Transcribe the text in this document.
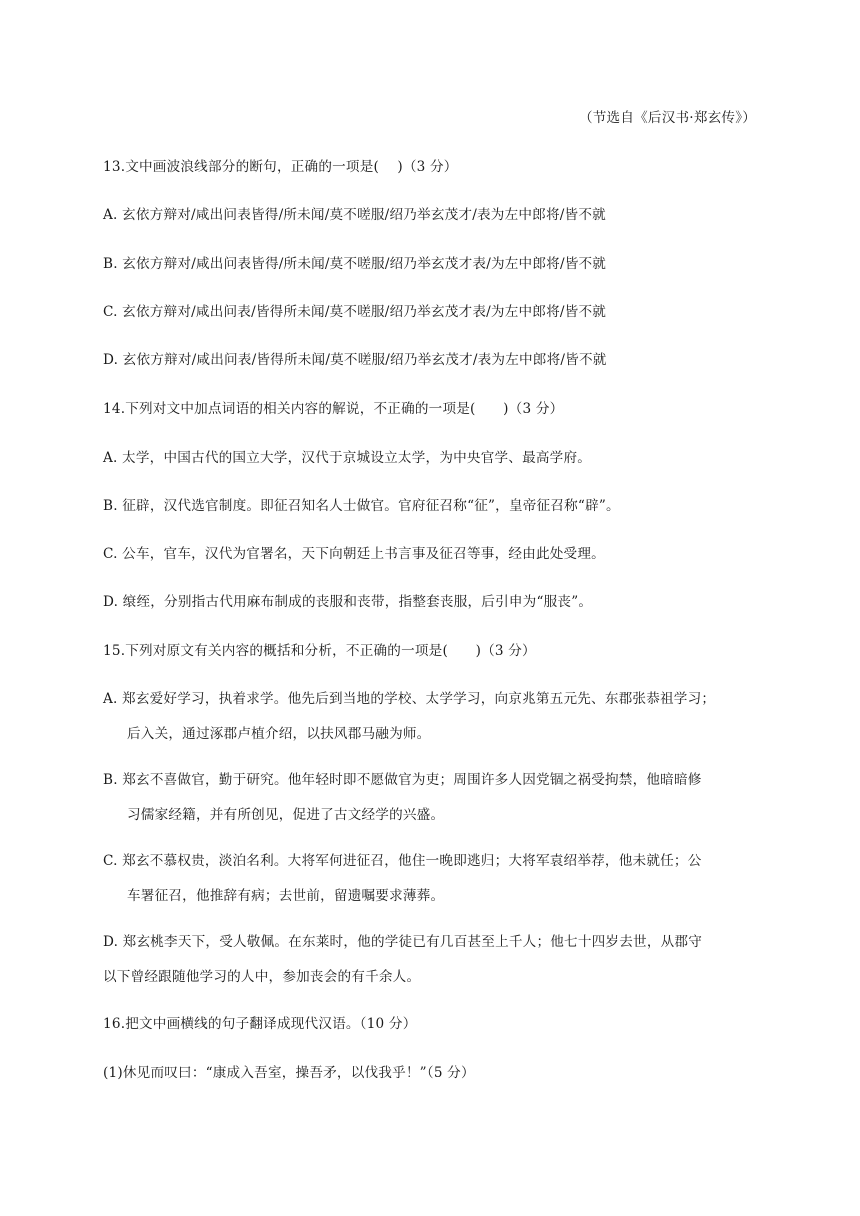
（节选自《后汉书·郑玄传》）
13.文中画波浪线部分的断句，正确的一项是(　 )（3 分）
A. 玄依方辩对/咸出问表皆得/所未闻/莫不嗟服/绍乃举玄茂才/表为左中郎将/皆不就
B. 玄依方辩对/咸出问表皆得/所未闻/莫不嗟服/绍乃举玄茂才表/为左中郎将/皆不就
C. 玄依方辩对/咸出问表/皆得所未闻/莫不嗟服/绍乃举玄茂才表/为左中郎将/皆不就
D. 玄依方辩对/咸出问表/皆得所未闻/莫不嗟服/绍乃举玄茂才/表为左中郎将/皆不就
14.下列对文中加点词语的相关内容的解说，不正确的一项是(　　)（3 分）
A. 太学，中国古代的国立大学，汉代于京城设立太学，为中央官学、最高学府。
B. 征辟，汉代选官制度。即征召知名人士做官。官府征召称“征”，皇帝征召称“辟”。
C. 公车，官车，汉代为官署名，天下向朝廷上书言事及征召等事，经由此处受理。
D. 缞绖，分别指古代用麻布制成的丧服和丧带，指整套丧服，后引申为“服丧”。
15.下列对原文有关内容的概括和分析，不正确的一项是(　　)（3 分）
A. 郑玄爱好学习，执着求学。他先后到当地的学校、太学学习，向京兆第五元先、东郡张恭祖学习；
后入关，通过涿郡卢植介绍，以扶风郡马融为师。
B. 郑玄不喜做官，勤于研究。他年轻时即不愿做官为吏；周围许多人因党锢之祸受拘禁，他暗暗修
习儒家经籍，并有所创见，促进了古文经学的兴盛。
C. 郑玄不慕权贵，淡泊名利。大将军何进征召，他住一晚即逃归；大将军袁绍举荐，他未就任；公
车署征召，他推辞有病；去世前，留遗嘱要求薄葬。
D. 郑玄桃李天下，受人敬佩。在东莱时，他的学徒已有几百甚至上千人；他七十四岁去世，从郡守
以下曾经跟随他学习的人中，参加丧会的有千余人。
16.把文中画横线的句子翻译成现代汉语。（10 分）
(1)休见而叹曰：“康成入吾室，操吾矛，以伐我乎！”（5 分）
